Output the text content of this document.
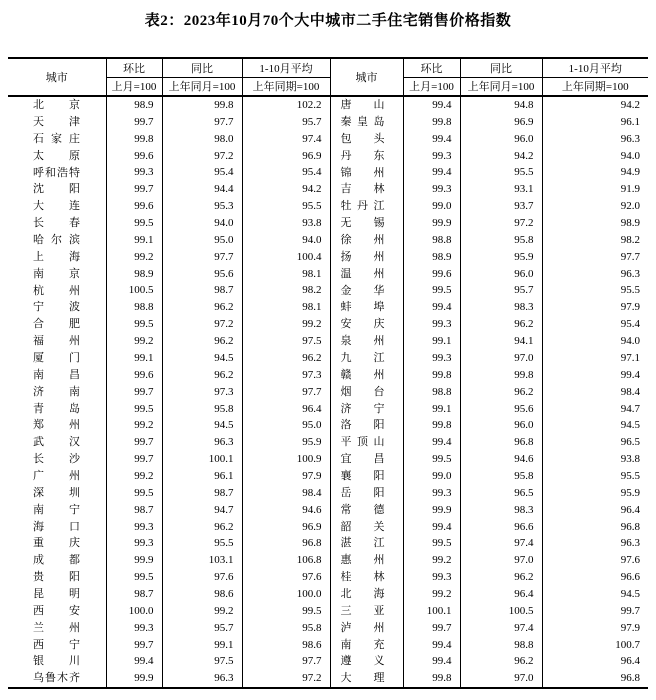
表2：2023年10月70个大中城市二手住宅销售价格指数
城市	环比	同比	1-10月平均	城市	环比	同比	1-10月平均
	上月=100	上年同月=100	上年同期=100		上月=100	上年同月=100	上年同期=100

北 京	98.9	99.8	102.2	唐 山	99.4	94.8	94.2

天 津	99.7	97.7	95.7	秦 皇 岛	99.8	96.9	96.1

石 家 庄	99.8	98.0	97.4	包 头	99.4	96.0	96.3

太 原	99.6	97.2	96.9	丹 东	99.3	94.2	94.0

呼 和 浩 特	99.3	95.4	95.4	锦 州	99.4	95.5	94.9

沈 阳	99.7	94.4	94.2	吉 林	99.3	93.1	91.9

大 连	99.6	95.3	95.5	牡 丹 江	99.0	93.7	92.0

长 春	99.5	94.0	93.8	无 锡	99.9	97.2	98.9

哈 尔 滨	99.1	95.0	94.0	徐 州	98.8	95.8	98.2

上 海	99.2	97.7	100.4	扬 州	98.9	95.9	97.7

南 京	98.9	95.6	98.1	温 州	99.6	96.0	96.3

杭 州	100.5	98.7	98.2	金 华	99.5	95.7	95.5

宁 波	98.8	96.2	98.1	蚌 埠	99.4	98.3	97.9

合 肥	99.5	97.2	99.2	安 庆	99.3	96.2	95.4

福 州	99.2	96.2	97.5	泉 州	99.1	94.1	94.0

厦 门	99.1	94.5	96.2	九 江	99.3	97.0	97.1

南 昌	99.6	96.2	97.3	赣 州	99.8	99.8	99.4

济 南	99.7	97.3	97.7	烟 台	98.8	96.2	98.4

青 岛	99.5	95.8	96.4	济 宁	99.1	95.6	94.7

郑 州	99.2	94.5	95.0	洛 阳	99.8	96.0	94.5

武 汉	99.7	96.3	95.9	平 顶 山	99.4	96.8	96.5

长 沙	99.7	100.1	100.9	宜 昌	99.5	94.6	93.8

广 州	99.2	96.1	97.9	襄 阳	99.0	95.8	95.5

深 圳	99.5	98.7	98.4	岳 阳	99.3	96.5	95.9

南 宁	98.7	94.7	94.6	常 德	99.9	98.3	96.4

海 口	99.3	96.2	96.9	韶 关	99.4	96.6	96.8

重 庆	99.3	95.5	96.8	湛 江	99.5	97.4	96.3

成 都	99.9	103.1	106.8	惠 州	99.2	97.0	97.6

贵 阳	99.5	97.6	97.6	桂 林	99.3	96.2	96.6

昆 明	98.7	98.6	100.0	北 海	99.2	96.4	94.5

西 安	100.0	99.2	99.5	三 亚	100.1	100.5	99.7

兰 州	99.3	95.7	95.8	泸 州	99.7	97.4	97.9

西 宁	99.7	99.1	98.6	南 充	99.4	98.8	100.7

银 川	99.4	97.5	97.7	遵 义	99.4	96.2	96.4

乌 鲁 木 齐	99.9	96.3	97.2	大 理	99.8	97.0	96.8
